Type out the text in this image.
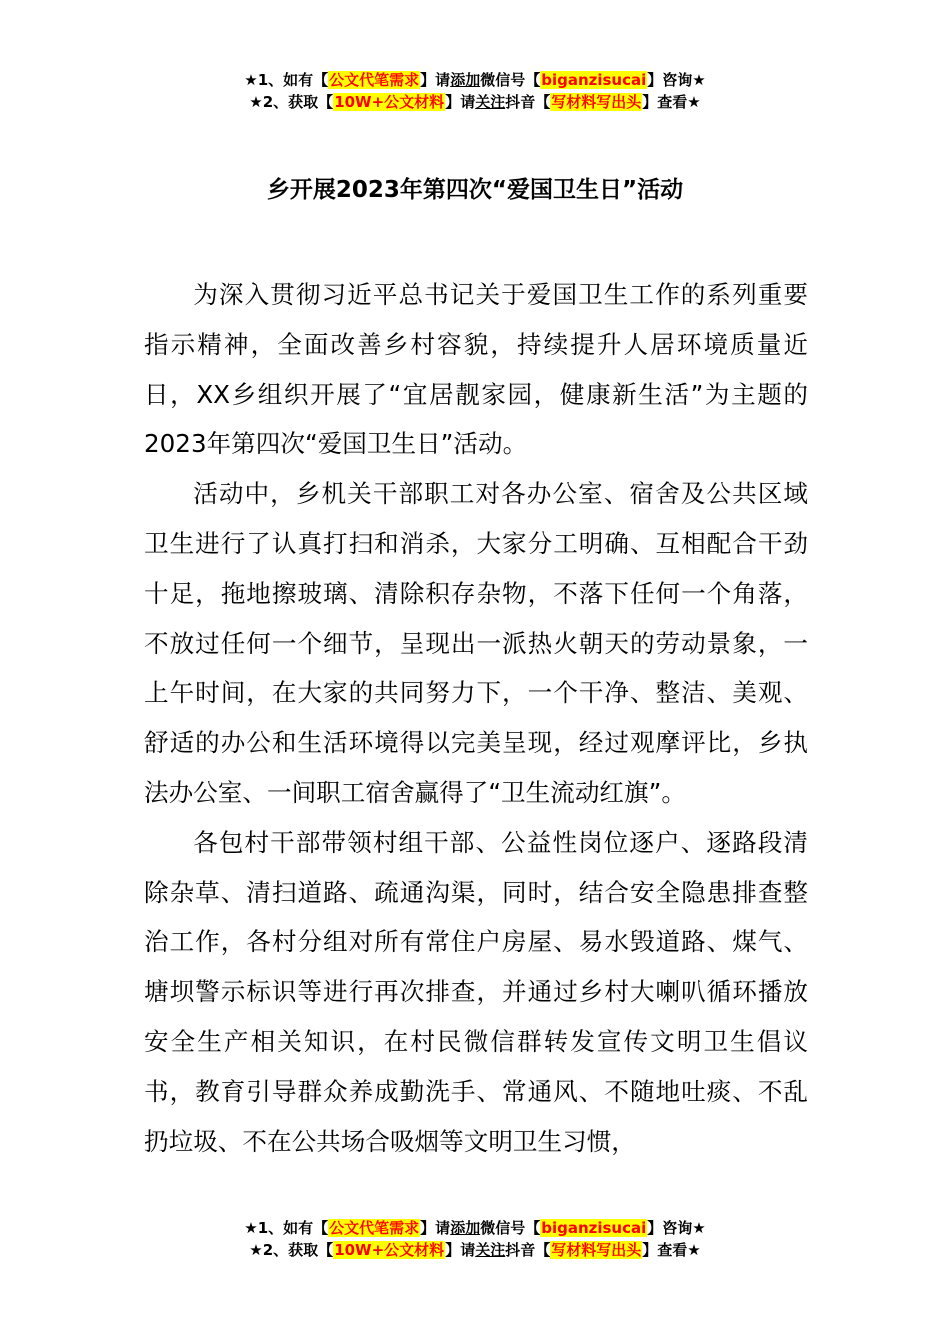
★1、如有【公文代笔需求】请添加微信号【biganzisucai】咨询★
★2、获取【10W+公文材料】请关注抖音【写材料写出头】查看★
乡开展2023年第四次“爱国卫生日”活动

为深入贯彻习近平总书记关于爱国卫生工作的系列重要指示精神，全面改善乡村容貌，持续提升人居环境质量近日，XX乡组织开展了“宜居靓家园，健康新生活”为主题的2023年第四次“爱国卫生日”活动。

活动中，乡机关干部职工对各办公室、宿舍及公共区域卫生进行了认真打扫和消杀，大家分工明确、互相配合干劲十足，拖地擦玻璃、清除积存杂物，不落下任何一个角落，不放过任何一个细节，呈现出一派热火朝天的劳动景象，一上午时间，在大家的共同努力下，一个干净、整洁、美观、舒适的办公和生活环境得以完美呈现，经过观摩评比，乡执法办公室、一间职工宿舍赢得了“卫生流动红旗”。

各包村干部带领村组干部、公益性岗位逐户、逐路段清除杂草、清扫道路、疏通沟渠，同时，结合安全隐患排查整治工作，各村分组对所有常住户房屋、易水毁道路、煤气、塘坝警示标识等进行再次排查，并通过乡村大喇叭循环播放安全生产相关知识，在村民微信群转发宣传文明卫生倡议书，教育引导群众养成勤洗手、常通风、不随地吐痰、不乱扔垃圾、不在公共场合吸烟等文明卫生习惯，

★1、如有【公文代笔需求】请添加微信号【biganzisucai】咨询★
★2、获取【10W+公文材料】请关注抖音【写材料写出头】查看★
